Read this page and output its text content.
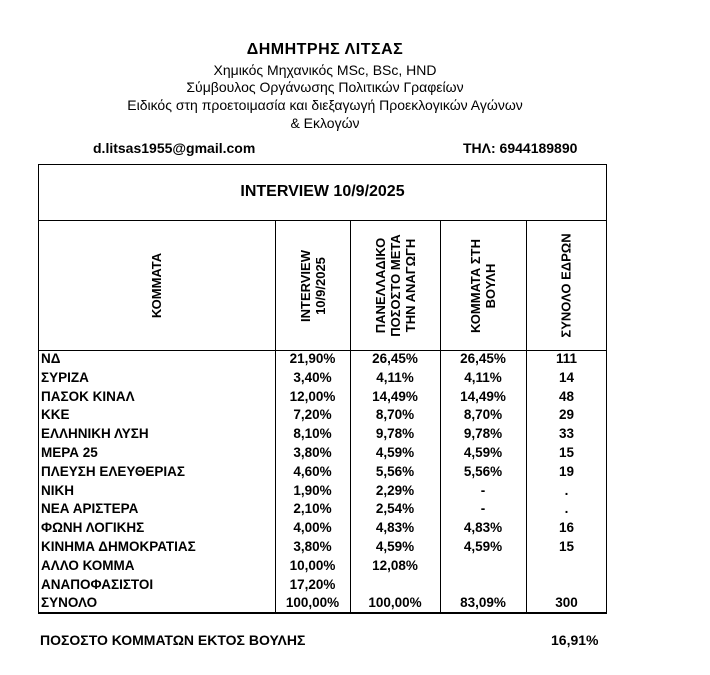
ΔΗΜΗΤΡΗΣ ΛΙΤΣΑΣ
Χημικός Μηχανικός MSc, BSc, HND
Σύμβουλος Οργάνωσης Πολιτικών Γραφείων
Ειδικός στη προετοιμασία και διεξαγωγή Προεκλογικών Αγώνων
& Εκλογών
d.litsas1955@gmail.com	ΤΗΛ: 6944189890
INTERVIEW 10/9/2025
ΚΟΜΜΑΤΑ	INTERVIEW 10/9/2025	ΠΑΝΕΛΛΑΔΙΚΟ ΠΟΣΟΣΤΟ ΜΕΤΑ ΤΗΝ ΑΝΑΓΩΓΗ	ΚΟΜΜΑΤΑ ΣΤΗ ΒΟΥΛΗ	ΣΥΝΟΛΟ ΕΔΡΩΝ
ΝΔ	21,90%	26,45%	26,45%	111
ΣΥΡΙΖΑ	3,40%	4,11%	4,11%	14
ΠΑΣΟΚ ΚΙΝΑΛ	12,00%	14,49%	14,49%	48
ΚΚΕ	7,20%	8,70%	8,70%	29
ΕΛΛΗΝΙΚΗ ΛΥΣΗ	8,10%	9,78%	9,78%	33
ΜΕΡΑ 25	3,80%	4,59%	4,59%	15
ΠΛΕΥΣΗ ΕΛΕΥΘΕΡΙΑΣ	4,60%	5,56%	5,56%	19
ΝΙΚΗ	1,90%	2,29%	-	.
ΝΕΑ ΑΡΙΣΤΕΡΑ	2,10%	2,54%	-	.
ΦΩΝΗ ΛΟΓΙΚΗΣ	4,00%	4,83%	4,83%	16
ΚΙΝΗΜΑ ΔΗΜΟΚΡΑΤΙΑΣ	3,80%	4,59%	4,59%	15
ΑΛΛΟ ΚΟΜΜΑ	10,00%	12,08%
ΑΝΑΠΟΦΑΣΙΣΤΟΙ	17,20%
ΣΥΝΟΛΟ	100,00%	100,00%	83,09%	300
ΠΟΣΟΣΤΟ ΚΟΜΜΑΤΩΝ ΕΚΤΟΣ ΒΟΥΛΗΣ	16,91%
